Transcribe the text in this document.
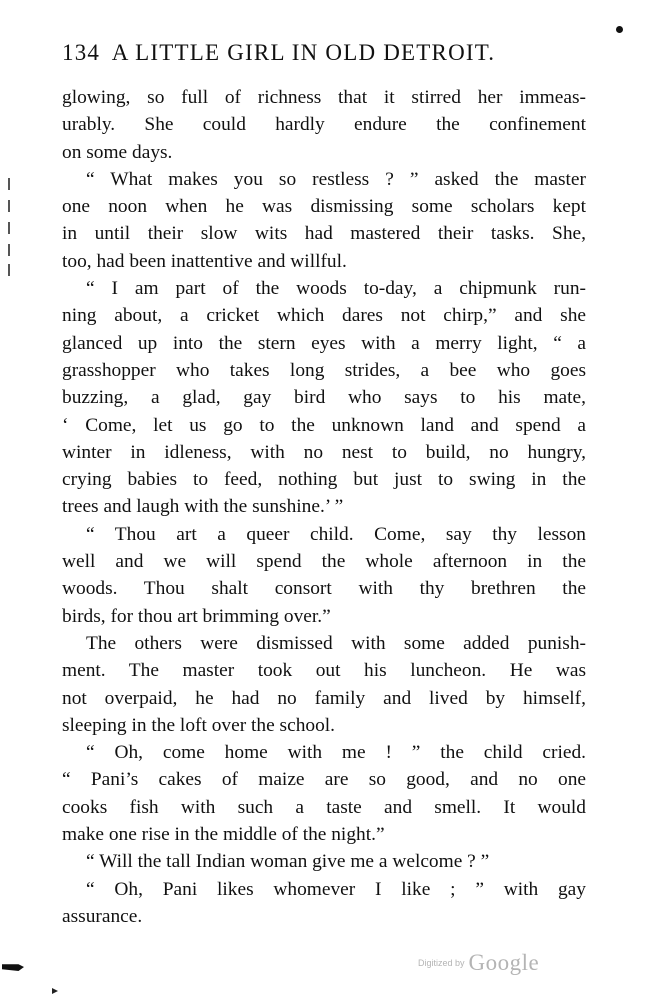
134 A LITTLE GIRL IN OLD DETROIT.
glowing, so full of richness that it stirred her immeas-
urably. She could hardly endure the confinement
on some days.
“ What makes you so restless ? ” asked the master
one noon when he was dismissing some scholars kept
in until their slow wits had mastered their tasks. She,
too, had been inattentive and willful.
“ I am part of the woods to-day, a chipmunk run-
ning about, a cricket which dares not chirp,” and she
glanced up into the stern eyes with a merry light, “ a
grasshopper who takes long strides, a bee who goes
buzzing, a glad, gay bird who says to his mate,
‘ Come, let us go to the unknown land and spend a
winter in idleness, with no nest to build, no hungry,
crying babies to feed, nothing but just to swing in the
trees and laugh with the sunshine.’ ”
“ Thou art a queer child. Come, say thy lesson
well and we will spend the whole afternoon in the
woods. Thou shalt consort with thy brethren the
birds, for thou art brimming over.”
The others were dismissed with some added punish-
ment. The master took out his luncheon. He was
not overpaid, he had no family and lived by himself,
sleeping in the loft over the school.
“ Oh, come home with me ! ” the child cried.
“ Pani’s cakes of maize are so good, and no one
cooks fish with such a taste and smell. It would
make one rise in the middle of the night.”
“ Will the tall Indian woman give me a welcome ? ”
“ Oh, Pani likes whomever I like ; ” with gay
assurance.
Digitized by Google
